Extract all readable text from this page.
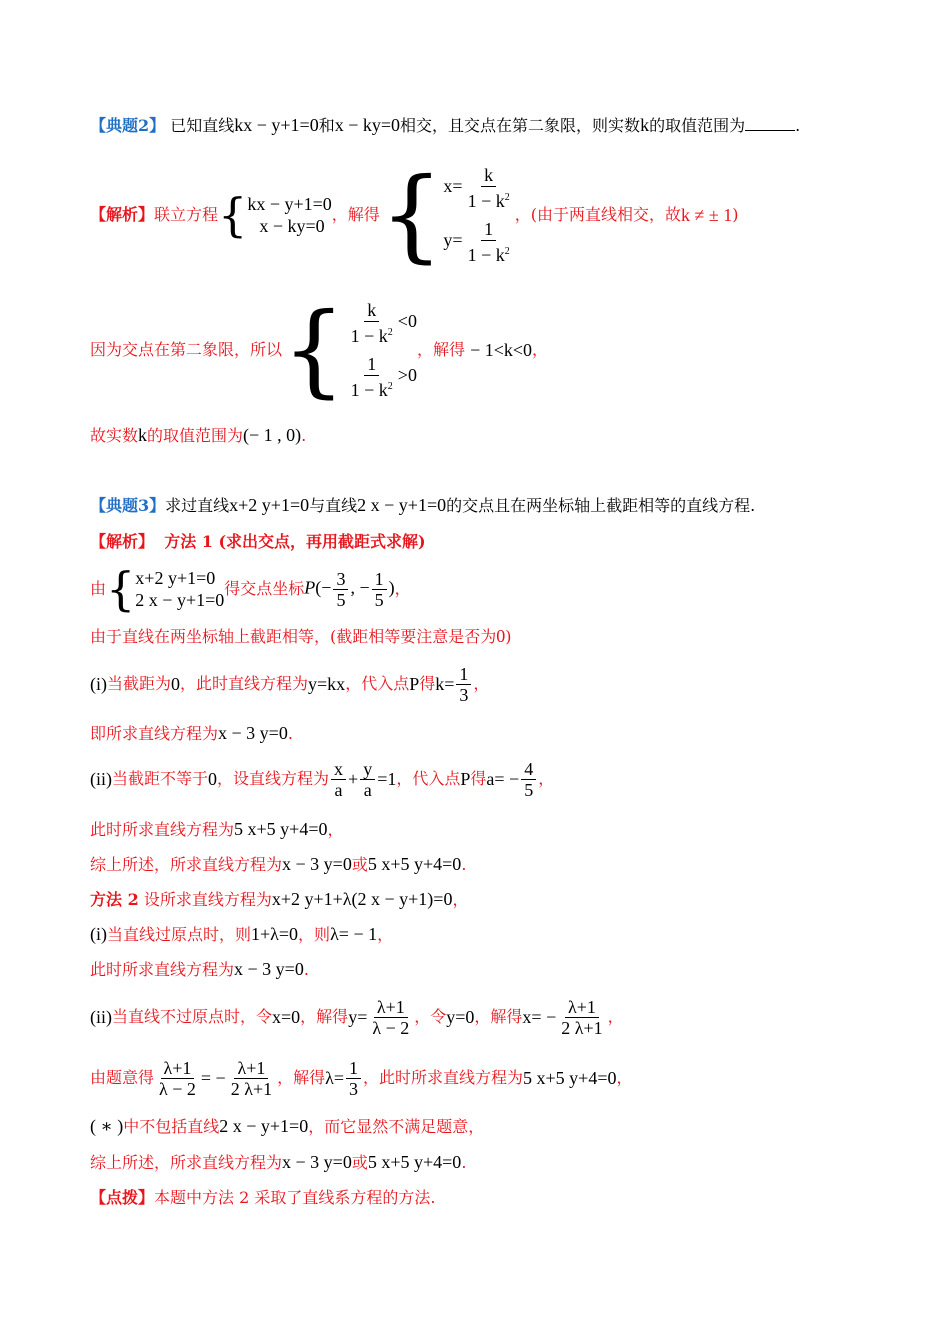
【典题2】 已知直线kx − y+1=0和x − ky=0相交，且交点在第二象限，则实数k的取值范围为	.
【解析】 联立方程 { kx − y+1=0
x − ky=0
，解得 { $x= \frac{k}{1 - k^2}$
$y= \frac{1}{1 - k^2}$
， (由于两直线相交，故 k ≠ ± 1 )
因为交点在第二象限，所以 { $\frac{k}{1 - k^2} <0$
$\frac{1}{1 - k^2} >0$
，解得
− 1<k<0 ，
故实数k的取值范围为(− 1 , 0).
【典题3】求过直线x+2 y+1=0与直线2 x − y+1=0的交点且在两坐标轴上截距相等的直线方程.
【解析】 方法 1 (求出交点，再用截距式求解)
由 { x+2 y+1=0
2 x − y+1=0
得交点坐标 $P(- \frac{3}{5}$ , − $\frac{1}{5}$ ) ，
由于直线在两坐标轴上截距相等，(截距相等要注意是否为0)
(i) 当截距为 0 ，此时直线方程为 y=kx ，代入点 P 得 $k= \frac{1}{3}$ ，
即所求直线方程为x − 3 y=0.
(ii) 当截距不等于 0 ，设直线方程为 $\frac{x}{a} + \frac{y}{a} =1$ ，代入点 P 得 $a= - \frac{4}{5}$ ，
此时所求直线方程为5 x+5 y+4=0，
综上所述，所求直线方程为x − 3 y=0或5 x+5 y+4=0.
方法 2 设所求直线方程为x+2 y+1+λ(2 x − y+1)=0，
(i)当直线过原点时，则1+λ=0，则λ= − 1，
此时所求直线方程为x − 3 y=0.
(ii) 当直线不过原点时，令 x=0 ，解得 $y= \frac{\lambda+1}{\lambda - 2}$ ，令 y=0 ，解得 $x= - \frac{\lambda+1}{2 \lambda+1}$ ，
由题意得 $\frac{\lambda+1}{\lambda - 2}$ = − $\frac{\lambda+1}{2 \lambda+1}$ ，解得 $\lambda= \frac{1}{3}$ ，此时所求直线方程为 5 x+5 y+4=0 ，
( ∗ )中不包括直线2 x − y+1=0，而它显然不满足题意，
综上所述，所求直线方程为x − 3 y=0或5 x+5 y+4=0.
【点拨】本题中方法 2 采取了直线系方程的方法.
